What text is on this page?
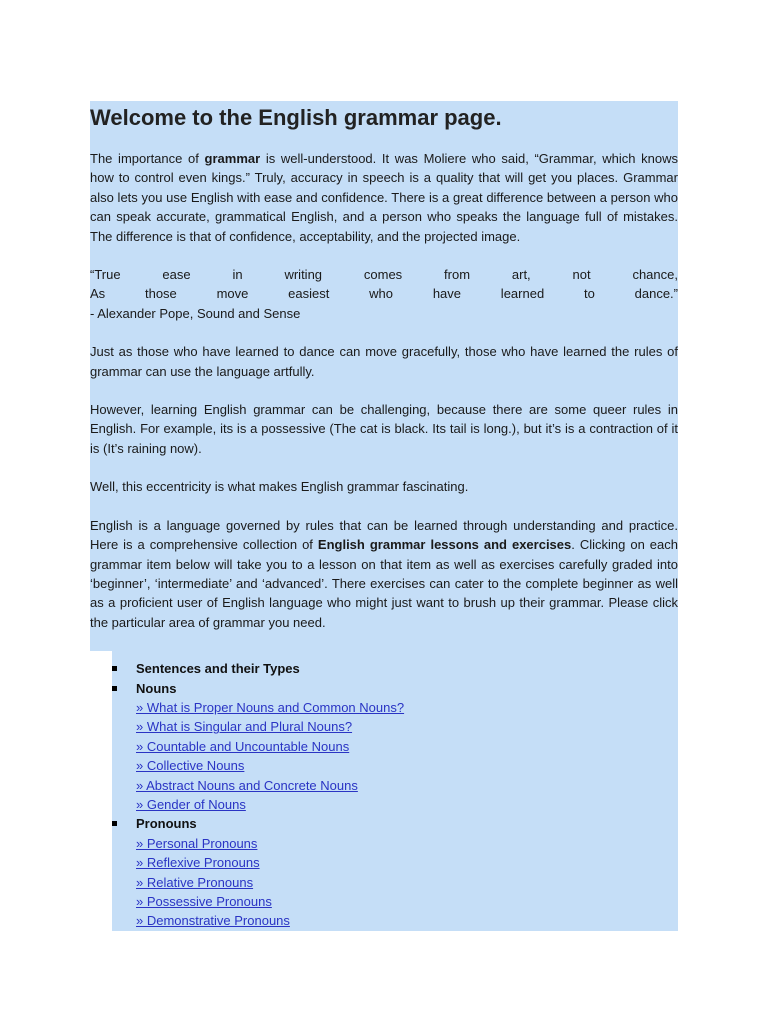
Welcome to the English grammar page.

The importance of grammar is well-understood. It was Moliere who said, “Grammar, which knows how to control even kings.” Truly, accuracy in speech is a quality that will get you places. Grammar also lets you use English with ease and confidence. There is a great difference between a person who can speak accurate, grammatical English, and a person who speaks the language full of mistakes. The difference is that of confidence, acceptability, and the projected image.

“True ease in writing comes from art, not chance,
As those move easiest who have learned to dance.”
- Alexander Pope, Sound and Sense

Just as those who have learned to dance can move gracefully, those who have learned the rules of grammar can use the language artfully.

However, learning English grammar can be challenging, because there are some queer rules in English. For example, its is a possessive (The cat is black. Its tail is long.), but it’s is a contraction of it is (It’s raining now).

Well, this eccentricity is what makes English grammar fascinating.

English is a language governed by rules that can be learned through understanding and practice. Here is a comprehensive collection of English grammar lessons and exercises. Clicking on each grammar item below will take you to a lesson on that item as well as exercises carefully graded into ‘beginner’, ‘intermediate’ and ‘advanced’. There exercises can cater to the complete beginner as well as a proficient user of English language who might just want to brush up their grammar. Please click the particular area of grammar you need.

Sentences and their Types
Nouns
» What is Proper Nouns and Common Nouns?
» What is Singular and Plural Nouns?
» Countable and Uncountable Nouns
» Collective Nouns
» Abstract Nouns and Concrete Nouns
» Gender of Nouns
Pronouns
» Personal Pronouns
» Reflexive Pronouns
» Relative Pronouns
» Possessive Pronouns
» Demonstrative Pronouns
